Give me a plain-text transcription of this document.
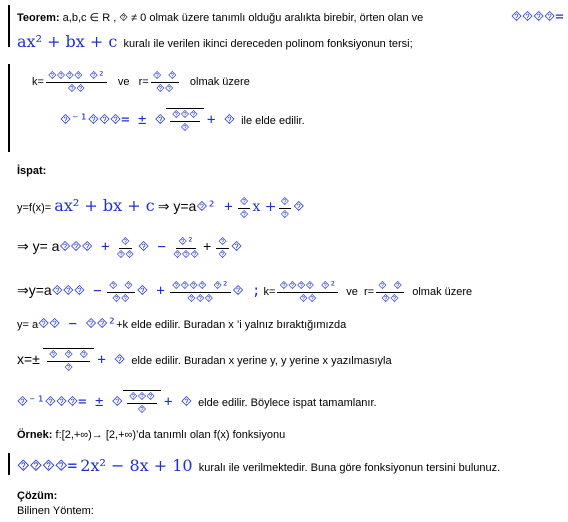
Teorem: a,b,c ∈ R , ⯑ ≠ 0 olmak üzere tanımlı olduğu aralıkta birebir, örten olan ve	⯑⯑⯑⯑=
ax² + bx + c kuralı ile verilen ikinci dereceden polinom fonksiyonun tersi;
$k= \frac{\text{⯑⯑⯑⯑ ⯑²}}{⯑⯑}$ ve $r= \frac{⯑ ⯑}{⯑⯑}$ olmak üzere
⯑⁻¹⯑⯑⯑= ± ⯑ $\frac{⯑⯑⯑}{⯑}$ + ⯑ ile elde edilir.
İspat:
y=f(x)= ax² + bx + c ⇒ y=a⯑² + $\frac{⯑}{⯑}$ $x + \frac{⯑}{⯑}$ ⯑
⇒ y= a⯑⯑⯑ + $\frac{⯑}{⯑⯑}$ ⯑ − $\frac{\text{⯑²}}{⯑⯑⯑} + \frac{⯑}{⯑}$ ⯑
⇒y=a⯑⯑⯑ − $\frac{⯑ ⯑}{⯑⯑}$ ⯑ + $\frac{\text{⯑⯑⯑⯑ ⯑²}}{⯑⯑⯑}$ ⯑ ; $k= \frac{\text{⯑⯑⯑⯑ ⯑²}}{⯑⯑}$ ve $r= \frac{⯑ ⯑}{⯑⯑}$ olmak üzere
y= a⯑⯑ − ⯑⯑²+k elde edilir. Buradan x ’i yalnız bıraktığımızda
$x=\pm \frac{⯑ ⯑ ⯑}{⯑}$ + ⯑ elde edilir. Buradan x yerine y, y yerine x yazılmasıyla
⯑⁻¹⯑⯑⯑= ± ⯑ $\frac{⯑⯑⯑}{⯑}$ + ⯑ elde edilir. Böylece ispat tamamlanır.
Örnek: f:[2,+∞)→ [2,+∞)’da tanımlı olan f(x) fonksiyonu
⯑⯑⯑⯑= 2x² − 8x + 10 kuralı ile verilmektedir. Buna göre fonksiyonun tersini bulunuz.
Çözüm:
Bilinen Yöntem:
